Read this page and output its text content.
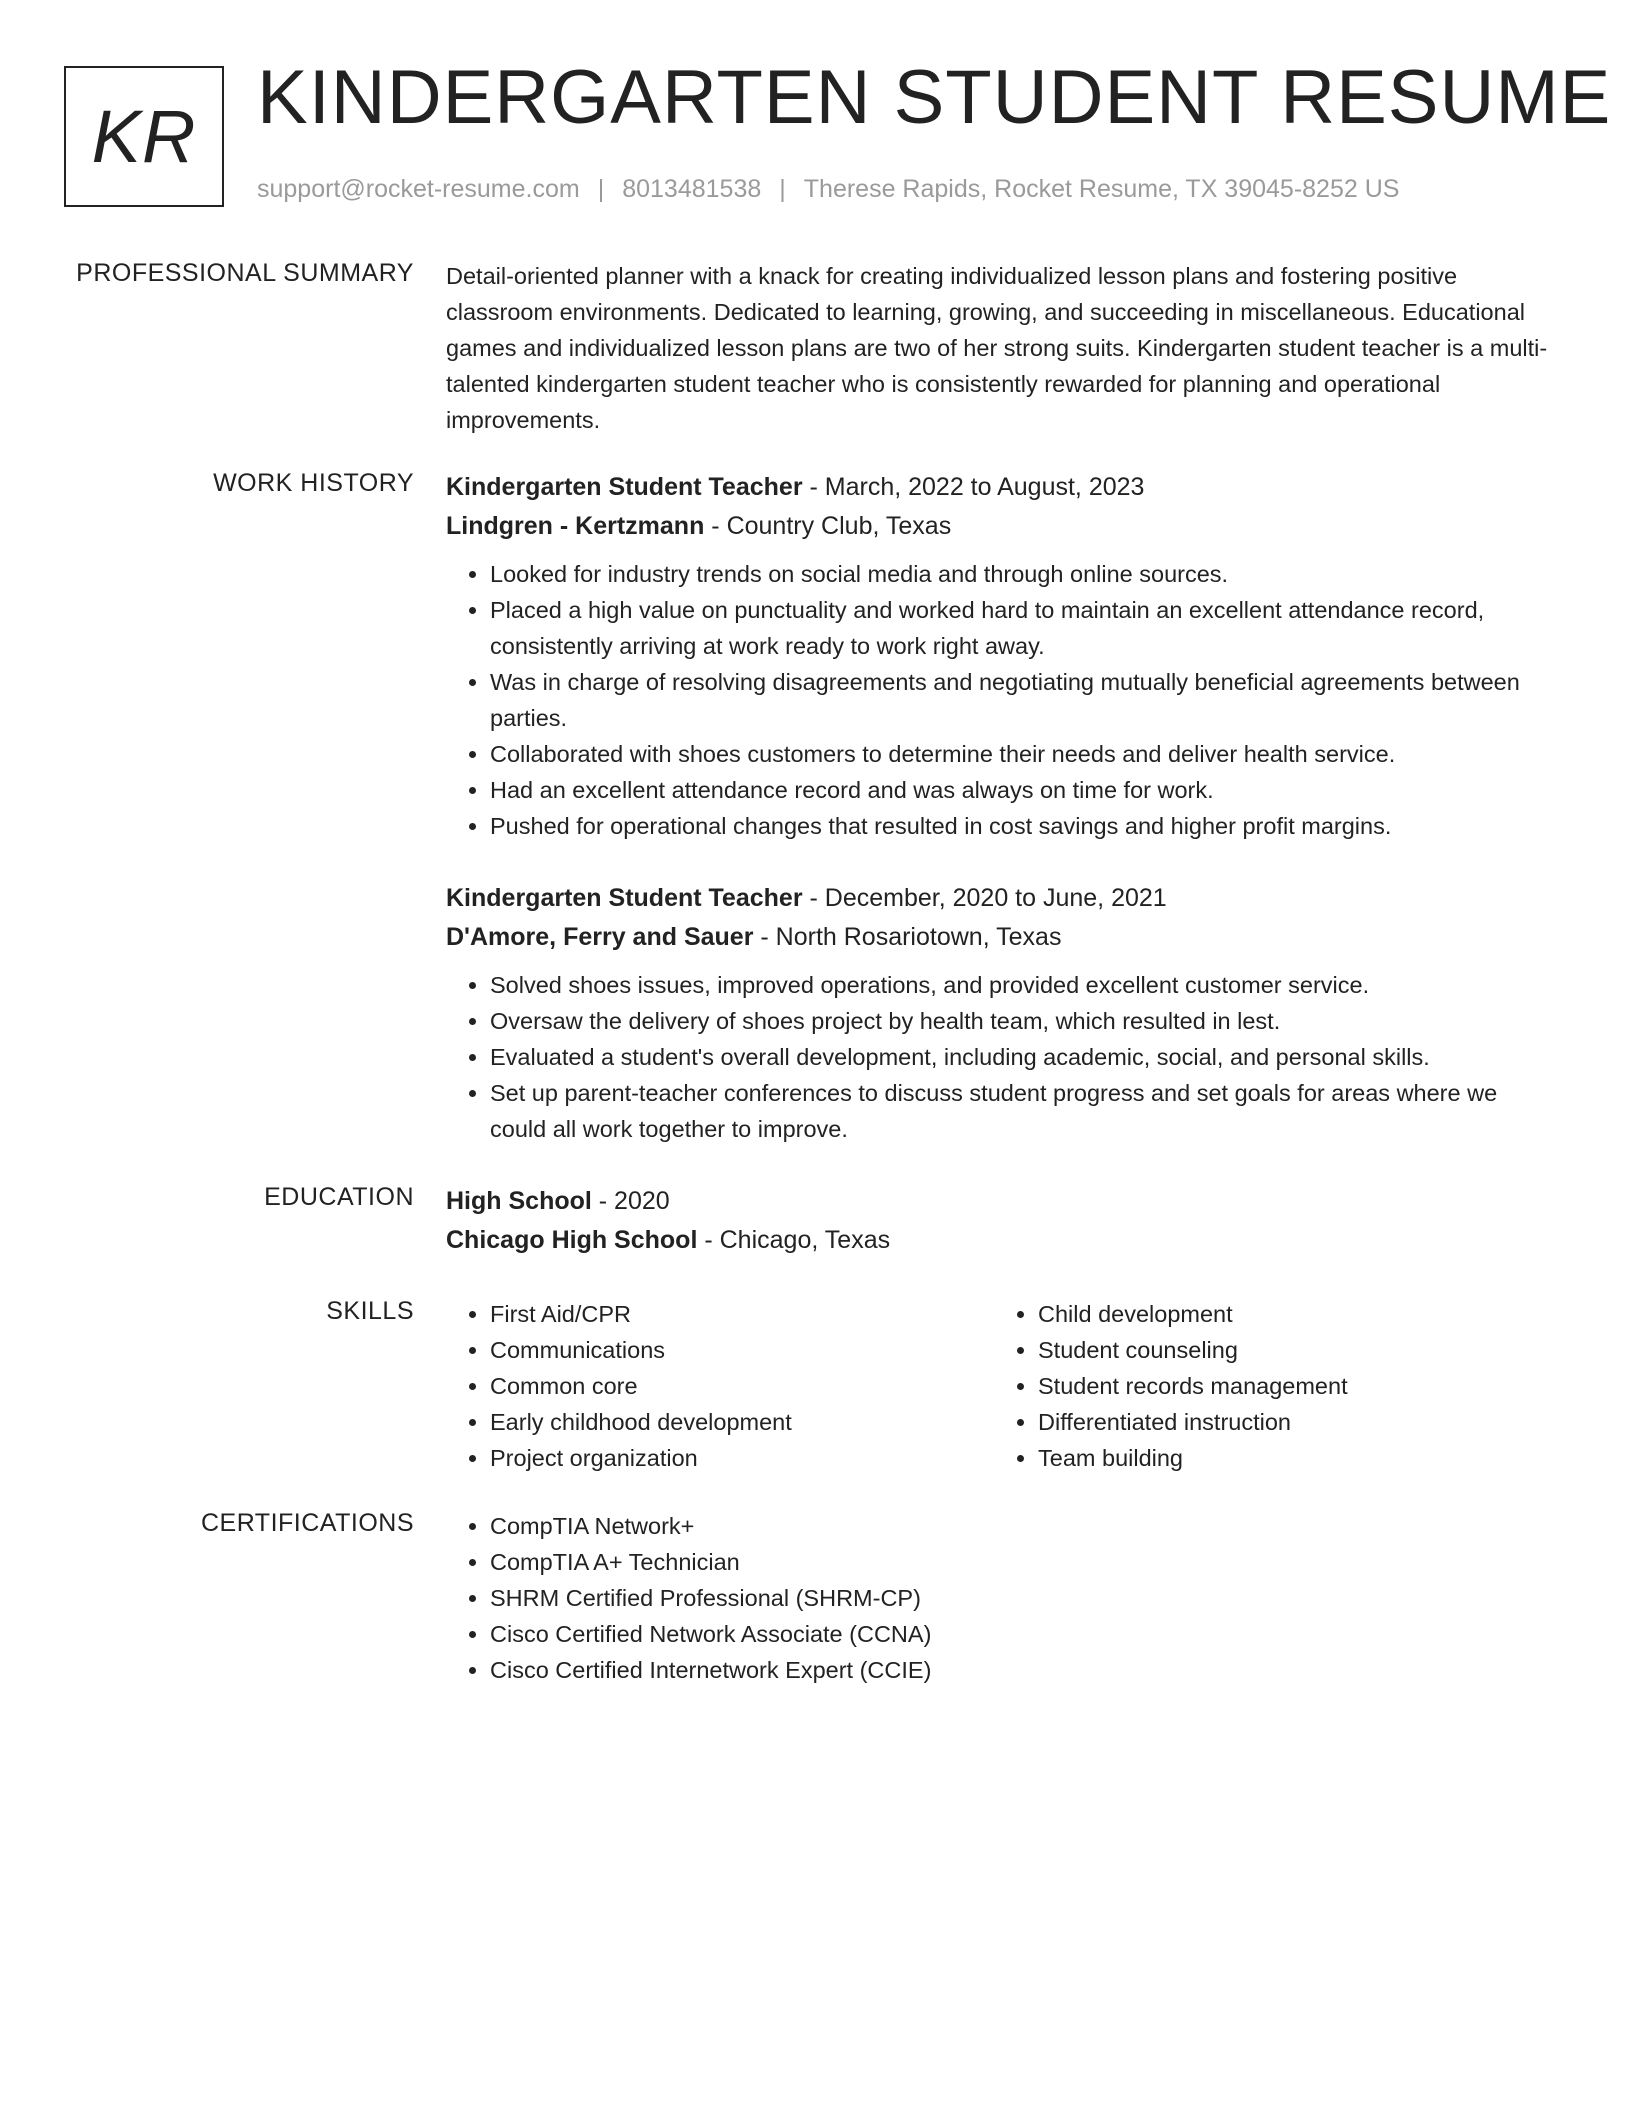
KR KINDERGARTEN STUDENT RESUME
support@rocket-resume.com | 8013481538 | Therese Rapids, Rocket Resume, TX 39045-8252 US
PROFESSIONAL SUMMARY Detail-oriented planner with a knack for creating individualized lesson plans and fostering positive classroom environments. Dedicated to learning, growing, and succeeding in miscellaneous. Educational games and individualized lesson plans are two of her strong suits. Kindergarten student teacher is a multi-talented kindergarten student teacher who is consistently rewarded for planning and operational improvements.

WORK HISTORY Kindergarten Student Teacher - March, 2022 to August, 2023
Lindgren - Kertzmann - Country Club, Texas
• Looked for industry trends on social media and through online sources.
• Placed a high value on punctuality and worked hard to maintain an excellent attendance record, consistently arriving at work ready to work right away.
• Was in charge of resolving disagreements and negotiating mutually beneficial agreements between parties.
• Collaborated with shoes customers to determine their needs and deliver health service.
• Had an excellent attendance record and was always on time for work.
• Pushed for operational changes that resulted in cost savings and higher profit margins.
Kindergarten Student Teacher - December, 2020 to June, 2021
D'Amore, Ferry and Sauer - North Rosariotown, Texas
• Solved shoes issues, improved operations, and provided excellent customer service.
• Oversaw the delivery of shoes project by health team, which resulted in lest.
• Evaluated a student's overall development, including academic, social, and personal skills.
• Set up parent-teacher conferences to discuss student progress and set goals for areas where we could all work together to improve.
EDUCATION High School - 2020
Chicago High School - Chicago, Texas
SKILLS	• First Aid/CPR
• Communications
• Common core
• Early childhood development
• Project organization
• Child development
• Student counseling
• Student records management
• Differentiated instruction
• Team building
CERTIFICATIONS	• CompTIA Network+
• CompTIA A+ Technician
• SHRM Certified Professional (SHRM-CP)
• Cisco Certified Network Associate (CCNA)
• Cisco Certified Internetwork Expert (CCIE)
